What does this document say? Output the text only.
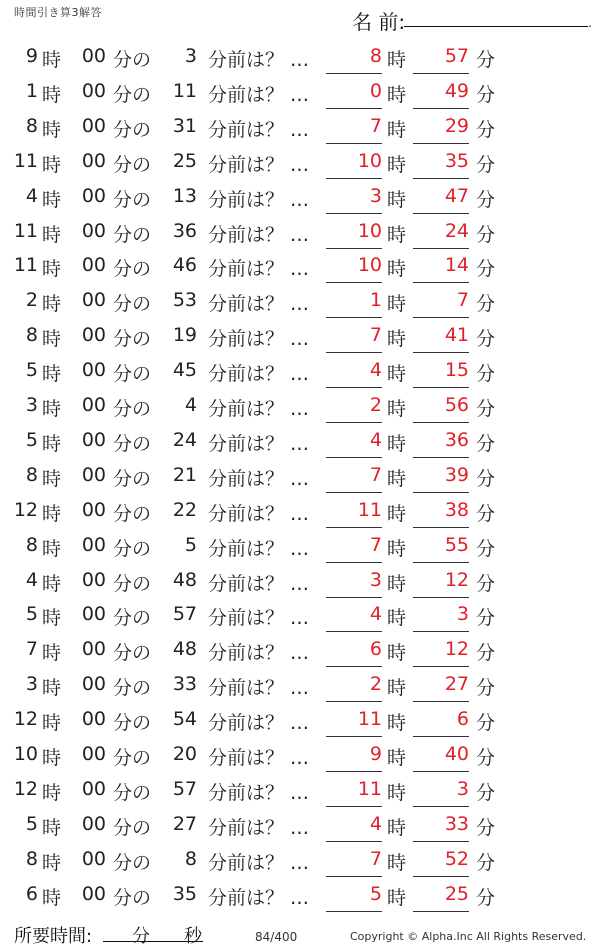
時間引き算3解答	名 前:	.
9 時	00 分の	3 分前は？ …	8 時	57 分
1 時	00 分の	11 分前は？ …	0 時	49 分
8 時	00 分の	31 分前は？ …	7 時	29 分
11 時	00 分の	25 分前は？ …	10 時	35 分
4 時	00 分の	13 分前は？ …	3 時	47 分
11 時	00 分の	36 分前は？ …	10 時	24 分
11 時	00 分の	46 分前は？ …	10 時	14 分
2 時	00 分の	53 分前は？ …	1 時	7 分
8 時	00 分の	19 分前は？ …	7 時	41 分
5 時	00 分の	45 分前は？ …	4 時	15 分
3 時	00 分の	4 分前は？ …	2 時	56 分
5 時	00 分の	24 分前は？ …	4 時	36 分
8 時	00 分の	21 分前は？ …	7 時	39 分
12 時	00 分の	22 分前は？ …	11 時	38 分
8 時	00 分の	5 分前は？ …	7 時	55 分
4 時	00 分の	48 分前は？ …	3 時	12 分
5 時	00 分の	57 分前は？ …	4 時	3 分
7 時	00 分の	48 分前は？ …	6 時	12 分
3 時	00 分の	33 分前は？ …	2 時	27 分
12 時	00 分の	54 分前は？ …	11 時	6 分
10 時	00 分の	20 分前は？ …	9 時	40 分
12 時	00 分の	57 分前は？ …	11 時	3 分
5 時	00 分の	27 分前は？ …	4 時	33 分
8 時	00 分の	8 分前は？ …	7 時	52 分
6 時	00 分の	35 分前は？ …	5 時	25 分
所要時間: 分 秒	84/400	Copyright © Alpha.Inc All Rights Reserved.
